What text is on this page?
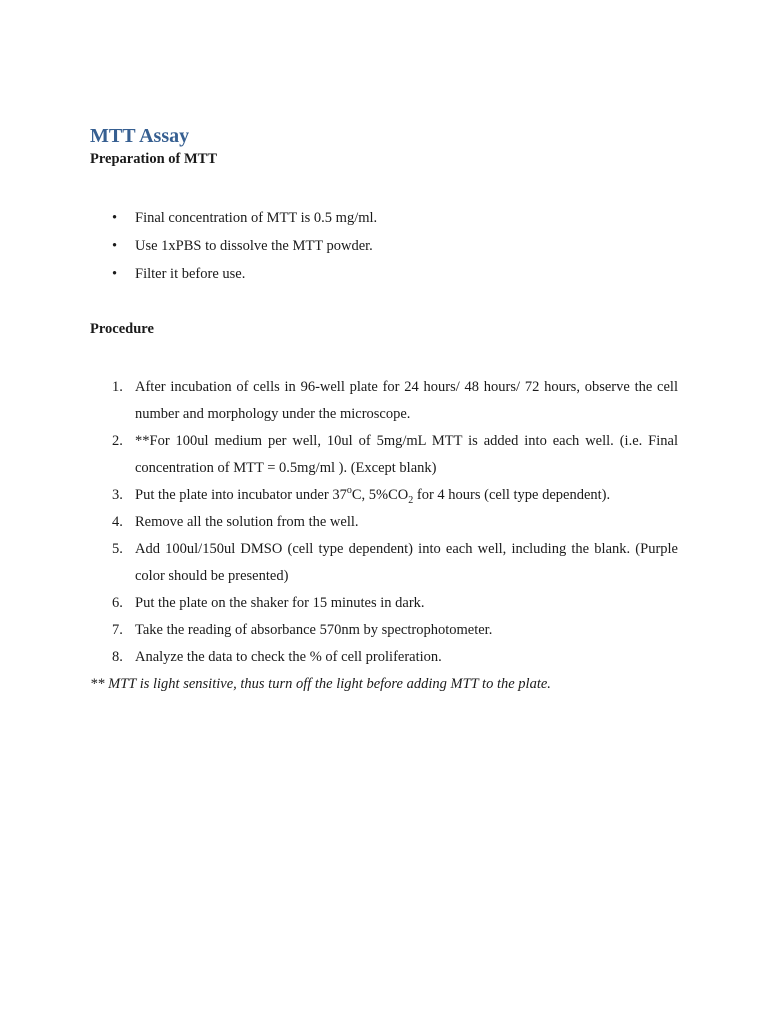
MTT Assay

Preparation of MTT

• Final concentration of MTT is 0.5 mg/ml.
• Use 1xPBS to dissolve the MTT powder.
• Filter it before use.

Procedure

1. After incubation of cells in 96-well plate for 24 hours/ 48 hours/ 72 hours, observe the cell number and morphology under the microscope.
2. **For 100ul medium per well, 10ul of 5mg/mL MTT is added into each well. (i.e. Final concentration of MTT = 0.5mg/ml ). (Except blank)
3. Put the plate into incubator under 37$^o$C, $5\%CO_2$ for 4 hours (cell type dependent).
4. Remove all the solution from the well.
5. Add 100ul/150ul DMSO (cell type dependent) into each well, including the blank. (Purple color should be presented)
6. Put the plate on the shaker for 15 minutes in dark.
7. Take the reading of absorbance 570nm by spectrophotometer.
8. Analyze the data to check the % of cell proliferation.

** MTT is light sensitive, thus turn off the light before adding MTT to the plate.
